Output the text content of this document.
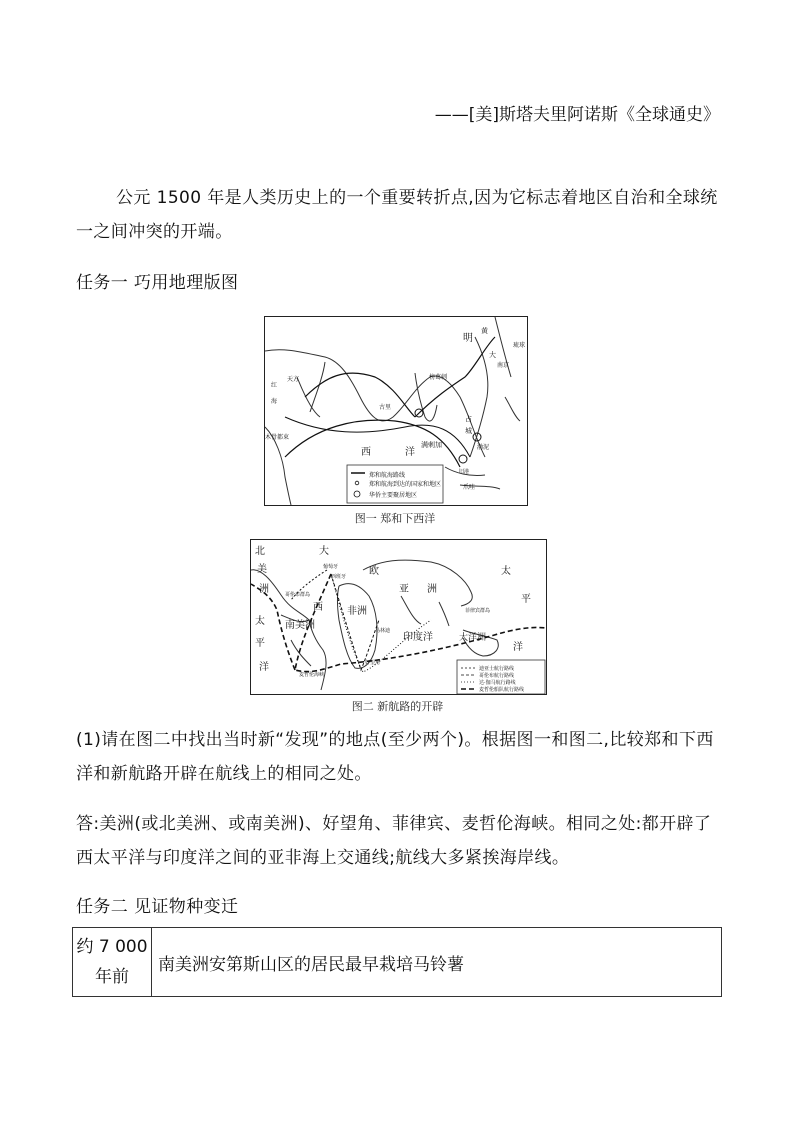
——[美]斯塔夫里阿诺斯《全球通史》
公元 1500 年是人类历史上的一个重要转折点,因为它标志着地区自治和全球统一之间冲突的开端。
任务一 巧用地理版图
郑和航海路线
郑和航海到达的国家和地区
华侨主要聚居地区
明
黄
大
琉球
南京
天方
红
海
古里
榜葛剌
占
城
木骨都束
西	洋
满剌加	渤泥
旧港
爪哇
图一 郑和下西洋
迪亚士航行路线
哥伦布航行路线
达·伽马航行路线
麦哲伦船队航行路线
北
美
洲
大
欧
亚 洲
西 非洲
南美洲
印度洋
太
平
洋
太
平
洋
葡萄牙
西班牙
哥伦布群岛
马林迪
好望角
菲律宾群岛
大洋洲
麦哲伦海峡
图二 新航路的开辟
(1)请在图二中找出当时新“发现”的地点(至少两个)。根据图一和图二,比较郑和下西洋和新航路开辟在航线上的相同之处。
答:美洲(或北美洲、或南美洲)、好望角、菲律宾、麦哲伦海峡。相同之处:都开辟了西太平洋与印度洋之间的亚非海上交通线;航线大多紧挨海岸线。
任务二 见证物种变迁
约 7 000
年前
	南美洲安第斯山区的居民最早栽培马铃薯
